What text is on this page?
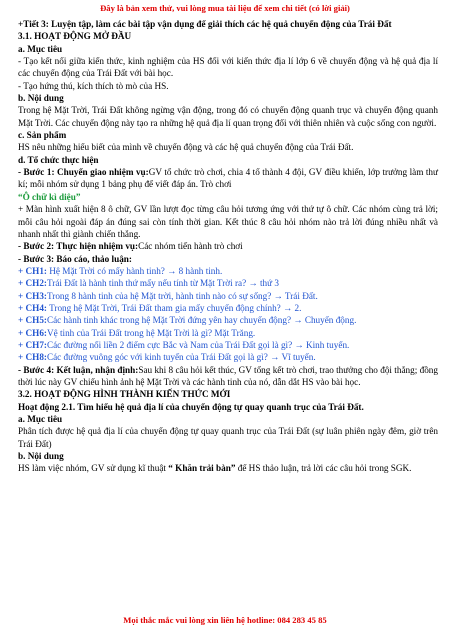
Đây là bản xem thử, vui lòng mua tài liệu để xem chi tiết (có lời giải)

+Tiết 3: Luyện tập, làm các bài tập vận dụng để giải thích các hệ quả chuyển động của Trái Đất

3.1. HOẠT ĐỘNG MỞ ĐẦU

a. Mục tiêu

- Tạo kết nối giữa kiến thức, kinh nghiệm của HS đối với kiến thức địa lí lớp 6 về chuyển động và hệ quả địa lí các chuyển động của Trái Đất với bài học.

- Tạo hứng thú, kích thích tò mò của HS.

b. Nội dung

Trong hệ Mặt Trời, Trái Đất không ngừng vận động, trong đó có chuyển động quanh trục và chuyển động quanh Mặt Trời. Các chuyển động này tạo ra những hệ quả địa lí quan trọng đối với thiên nhiên và cuộc sống con người.

c. Sản phẩm

HS nêu những hiểu biết của mình về chuyển động và các hệ quả chuyển động của Trái Đất.

d. Tổ chức thực hiện

- Bước 1: Chuyển giao nhiệm vụ:GV tổ chức trò chơi, chia 4 tổ thành 4 đội, GV điều khiển, lớp trưởng làm thư kí; mỗi nhóm sử dụng 1 bảng phụ để viết đáp án. Trò chơi

“Ô chữ kì diệu”

+ Màn hình xuất hiện 8 ô chữ, GV lần lượt đọc từng câu hỏi tương ứng với thứ tự ô chữ. Các nhóm cùng trả lời; mỗi câu hỏi ngoài đáp án đúng sai còn tính thời gian. Kết thúc 8 câu hỏi nhóm nào trả lời đúng nhiều nhất và nhanh nhất thì giành chiến thắng.

- Bước 2: Thực hiện nhiệm vụ:Các nhóm tiến hành trò chơi

- Bước 3: Báo cáo, thảo luận:

+ CH1: Hệ Mặt Trời có mấy hành tinh? → 8 hành tinh.

+ CH2:Trái Đất là hành tinh thứ mấy nếu tính từ Mặt Trời ra? → thứ 3

+ CH3:Trong 8 hành tinh của hệ Mặt trời, hành tinh nào có sự sống? → Trái Đất.

+ CH4: Trong hệ Mặt Trời, Trái Đất tham gia mấy chuyển động chính? → 2.

+ CH5:Các hành tinh khác trong hệ Mặt Trời đứng yên hay chuyển động? → Chuyển động.

+ CH6:Vệ tinh của Trái Đất trong hệ Mặt Trời là gì? Mặt Trăng.

+ CH7:Các đường nối liền 2 điểm cực Bắc và Nam của Trái Đất gọi là gì? → Kinh tuyến.

+ CH8:Các đường vuông góc với kinh tuyến của Trái Đất gọi là gì? → Vĩ tuyến.

- Bước 4: Kết luận, nhận định:Sau khi 8 câu hỏi kết thúc, GV tổng kết trò chơi, trao thưởng cho đội thắng; đồng thời lúc này GV chiếu hình ảnh hệ Mặt Trời và các hành tinh của nó, dẫn dắt HS vào bài học.

3.2. HOẠT ĐỘNG HÌNH THÀNH KIẾN THỨC MỚI

Hoạt động 2.1. Tìm hiểu hệ quả địa lí của chuyển động tự quay quanh trục của Trái Đất.

a. Mục tiêu

Phân tích được hệ quả địa lí của chuyển động tự quay quanh trục của Trái Đất (sự luân phiên ngày đêm, giờ trên Trái Đất)

b. Nội dung

HS làm việc nhóm, GV sử dụng kĩ thuật “ Khăn trải bàn” để HS thảo luận, trả lời các câu hỏi trong SGK.

Mọi thắc mắc vui lòng xin liên hệ hotline: 084 283 45 85
